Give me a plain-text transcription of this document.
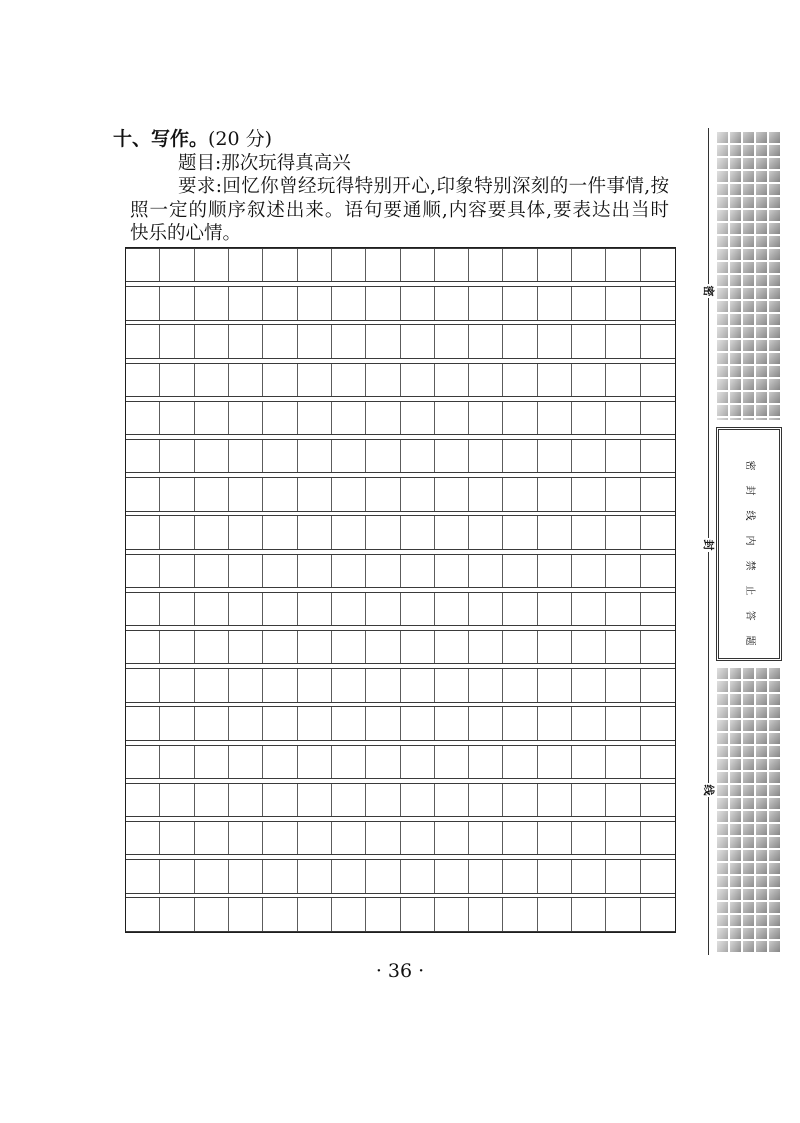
十、写作。(20 分)
题目:那次玩得真高兴
要求:回忆你曾经玩得特别开心,印象特别深刻的一件事情,按
照一定的顺序叙述出来。语句要通顺,内容要具体,要表达出当时
快乐的心情。
· 36 ·
密
封
线
密封线内禁止答题
